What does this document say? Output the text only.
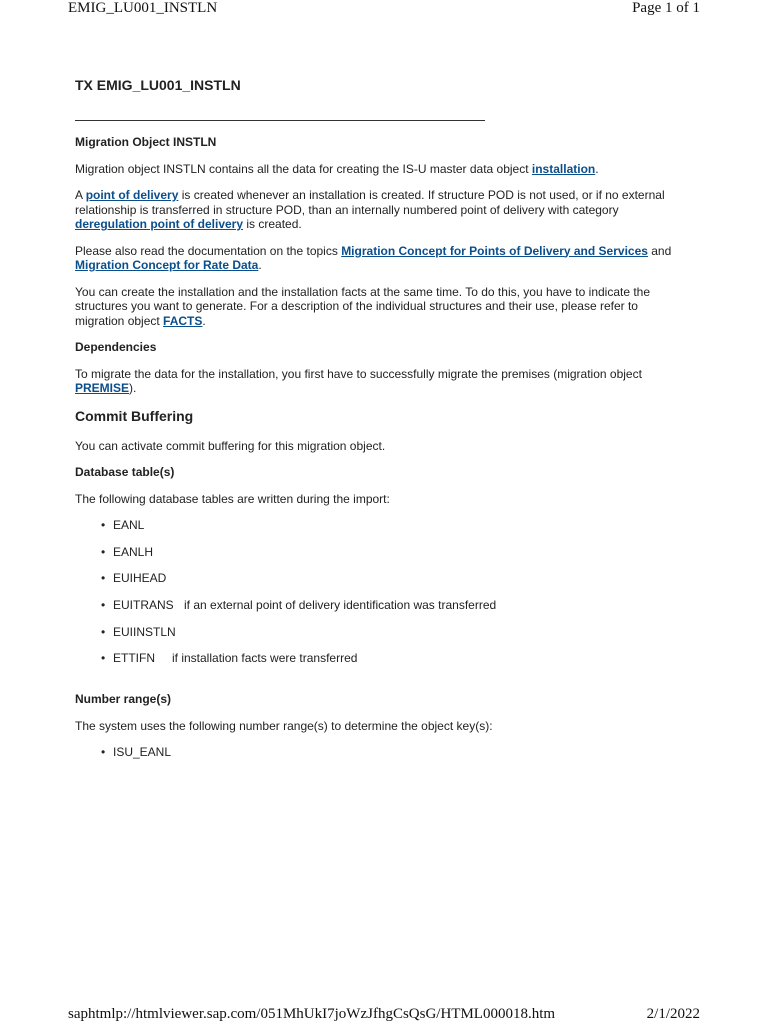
EMIG_LU001_INSTLN	Page 1 of 1
TX EMIG_LU001_INSTLN
Migration Object INSTLN

Migration object INSTLN contains all the data for creating the IS-U master data object installation.

A point of delivery is created whenever an installation is created. If structure POD is not used, or if no external relationship is transferred in structure POD, than an internally numbered point of delivery with category deregulation point of delivery is created.

Please also read the documentation on the topics Migration Concept for Points of Delivery and Services and Migration Concept for Rate Data.

You can create the installation and the installation facts at the same time. To do this, you have to indicate the structures you want to generate. For a description of the individual structures and their use, please refer to migration object FACTS.

Dependencies

To migrate the data for the installation, you first have to successfully migrate the premises (migration object PREMISE).

Commit Buffering

You can activate commit buffering for this migration object.

Database table(s)

The following database tables are written during the import:

• EANL
• EANLH
• EUIHEAD
• EUITRANS if an external point of delivery identification was transferred
• EUIINSTLN
• ETTIFN	if installation facts were transferred
Number range(s)

The system uses the following number range(s) to determine the object key(s):

• ISU_EANL
saphtmlp://htmlviewer.sap.com/051MhUkI7joWzJfhgCsQsG/HTML000018.htm	2/1/2022
